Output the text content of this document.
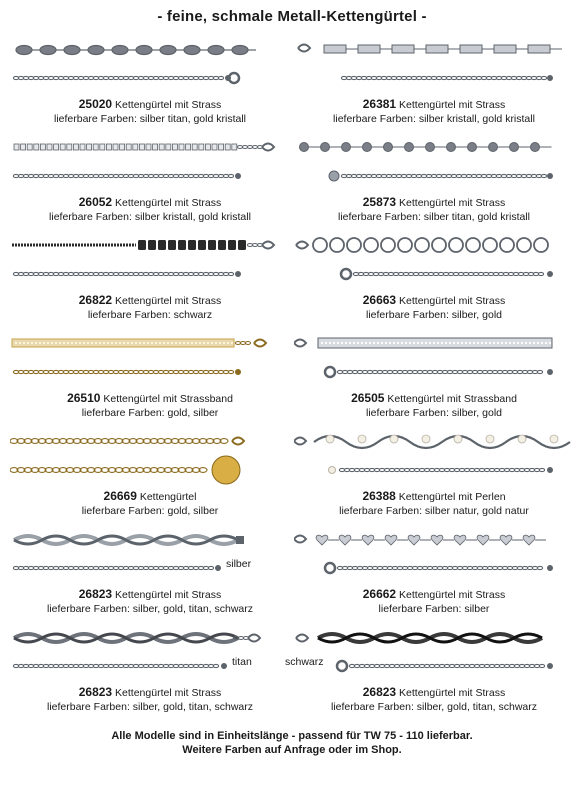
- feine, schmale Metall-Kettengürtel -
25020 Kettengürtel mit Strass
lieferbare Farben: silber titan, gold kristall
26381 Kettengürtel mit Strass
lieferbare Farben: silber kristall, gold kristall
26052 Kettengürtel mit Strass
lieferbare Farben: silber kristall, gold kristall
25873 Kettengürtel mit Strass
lieferbare Farben: silber titan, gold kristall
26822 Kettengürtel mit Strass
lieferbare Farben: schwarz
26663 Kettengürtel mit Strass
lieferbare Farben: silber, gold
26510 Kettengürtel mit Strassband
lieferbare Farben: gold, silber
26505 Kettengürtel mit Strassband
lieferbare Farben: silber, gold
26669 Kettengürtel
lieferbare Farben: gold, silber
26388 Kettengürtel mit Perlen
lieferbare Farben: silber natur, gold natur
silber
26823 Kettengürtel mit Strass
lieferbare Farben: silber, gold, titan, schwarz
26662 Kettengürtel mit Strass
lieferbare Farben: silber
titan
26823 Kettengürtel mit Strass
lieferbare Farben: silber, gold, titan, schwarz
schwarz
26823 Kettengürtel mit Strass
lieferbare Farben: silber, gold, titan, schwarz
Alle Modelle sind in Einheitslänge - passend für TW 75 - 110 lieferbar.
Weitere Farben auf Anfrage oder im Shop.
